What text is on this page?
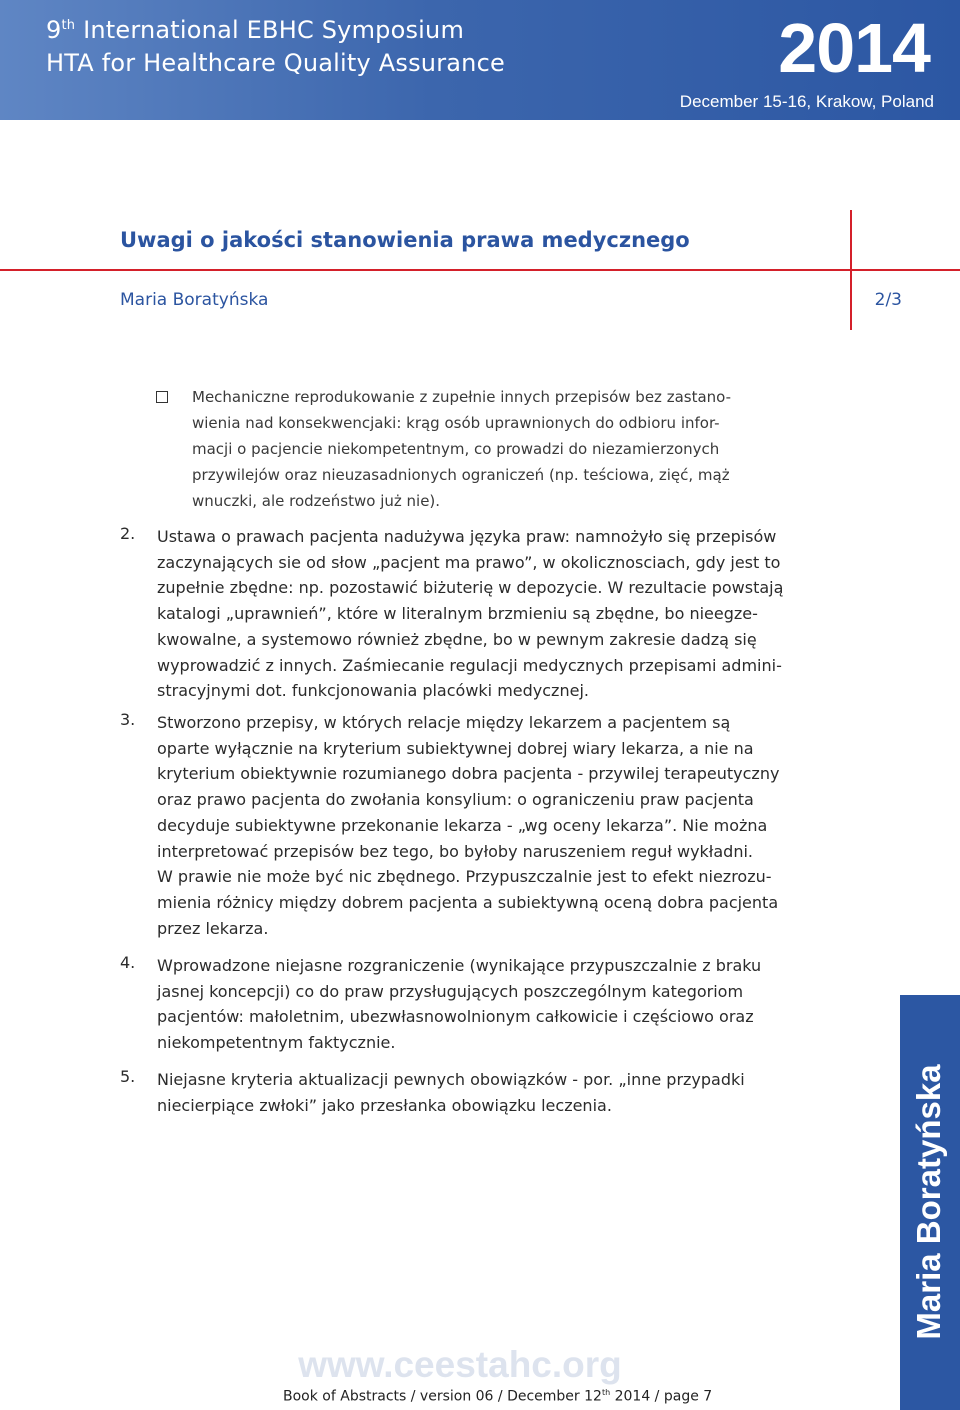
9th International EBHC Symposium
HTA for Healthcare Quality Assurance	2014
December 15-16, Krakow, Poland
Uwagi o jakości stanowienia prawa medycznego
Maria Boratyńska	2/3
Mechaniczne reprodukowanie z zupełnie innych przepisów bez zastano-
wienia nad konsekwencjaki: krąg osób uprawnionych do odbioru infor-
macji o pacjencie niekompetentnym, co prowadzi do niezamierzonych
przywilejów oraz nieuzasadnionych ograniczeń (np. teściowa, zięć, mąż
wnuczki, ale rodzeństwo już nie).
2. Ustawa o prawach pacjenta nadużywa języka praw: namnożyło się przepisów
zaczynających sie od słow „pacjent ma prawo”, w okolicznosciach, gdy jest to
zupełnie zbędne: np. pozostawić biżuterię w depozycie. W rezultacie powstają
katalogi „uprawnień”, które w literalnym brzmieniu są zbędne, bo nieegze-
kwowalne, a systemowo również zbędne, bo w pewnym zakresie dadzą się
wyprowadzić z innych. Zaśmiecanie regulacji medycznych przepisami admini-
stracyjnymi dot. funkcjonowania placówki medycznej.
3. Stworzono przepisy, w których relacje między lekarzem a pacjentem są
oparte wyłącznie na kryterium subiektywnej dobrej wiary lekarza, a nie na
kryterium obiektywnie rozumianego dobra pacjenta - przywilej terapeutyczny
oraz prawo pacjenta do zwołania konsylium: o ograniczeniu praw pacjenta
decyduje subiektywne przekonanie lekarza - „wg oceny lekarza”. Nie można
interpretować przepisów bez tego, bo byłoby naruszeniem reguł wykładni.
W prawie nie może być nic zbędnego. Przypuszczalnie jest to efekt niezrozu-
mienia różnicy między dobrem pacjenta a subiektywną oceną dobra pacjenta
przez lekarza.
4. Wprowadzone niejasne rozgraniczenie (wynikające przypuszczalnie z braku
jasnej koncepcji) co do praw przysługujących poszczególnym kategoriom
pacjentów: małoletnim, ubezwłasnowolnionym całkowicie i częściowo oraz
niekompetentnym faktycznie.
5. Niejasne kryteria aktualizacji pewnych obowiązków - por. „inne przypadki
niecierpiące zwłoki” jako przesłanka obowiązku leczenia.	Maria Boratyńska
www.ceestahc.org
Book of Abstracts / version 06 / December 12th 2014 / page 7
